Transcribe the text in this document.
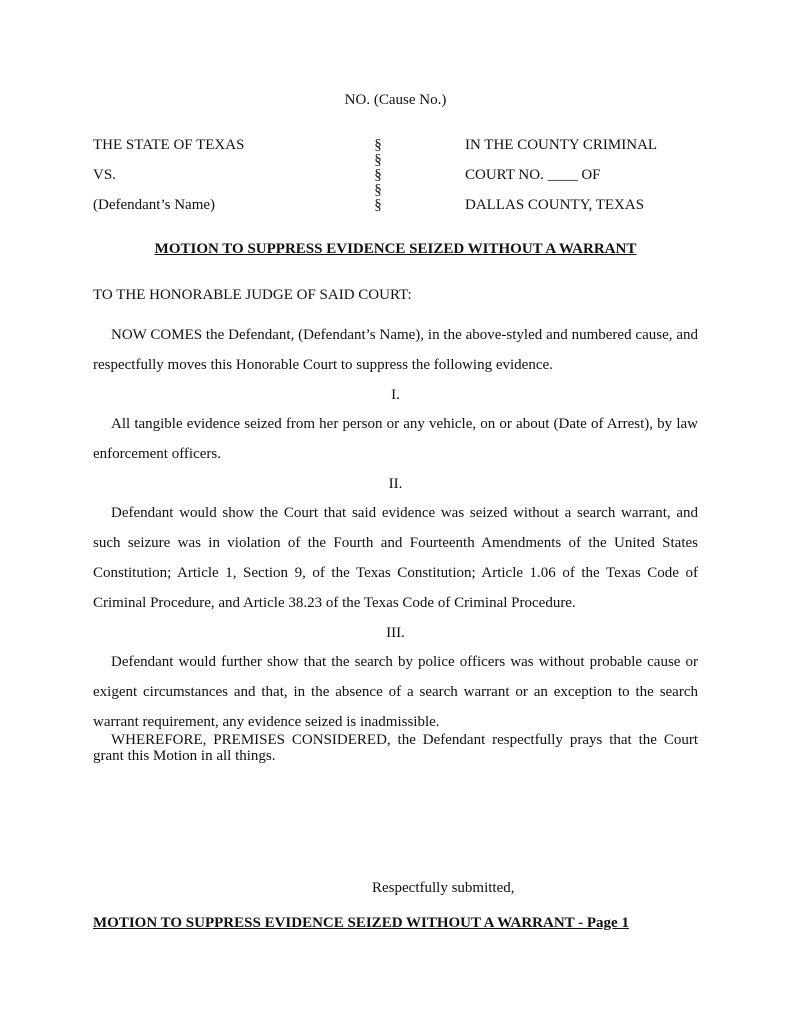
NO. (Cause No.)
THE STATE OF TEXAS
VS.
(Defendant’s Name)
§
§
§
§
§
IN THE COUNTY CRIMINAL
COURT NO. ____ OF
DALLAS COUNTY, TEXAS
MOTION TO SUPPRESS EVIDENCE SEIZED WITHOUT A WARRANT
TO THE HONORABLE JUDGE OF SAID COURT:
NOW COMES the Defendant, (Defendant’s Name), in the above-styled and numbered cause, and respectfully moves this Honorable Court to suppress the following evidence.
I.
All tangible evidence seized from her person or any vehicle, on or about (Date of Arrest), by law enforcement officers.
II.
Defendant would show the Court that said evidence was seized without a search warrant, and such seizure was in violation of the Fourth and Fourteenth Amendments of the United States Constitution; Article 1, Section 9, of the Texas Constitution; Article 1.06 of the Texas Code of Criminal Procedure, and Article 38.23 of the Texas Code of Criminal Procedure.
III.
Defendant would further show that the search by police officers was without probable cause or exigent circumstances and that, in the absence of a search warrant or an exception to the search warrant requirement, any evidence seized is inadmissible.
WHEREFORE, PREMISES CONSIDERED, the Defendant respectfully prays that the Court grant this Motion in all things.
Respectfully submitted,
MOTION TO SUPPRESS EVIDENCE SEIZED WITHOUT A WARRANT - Page 1
